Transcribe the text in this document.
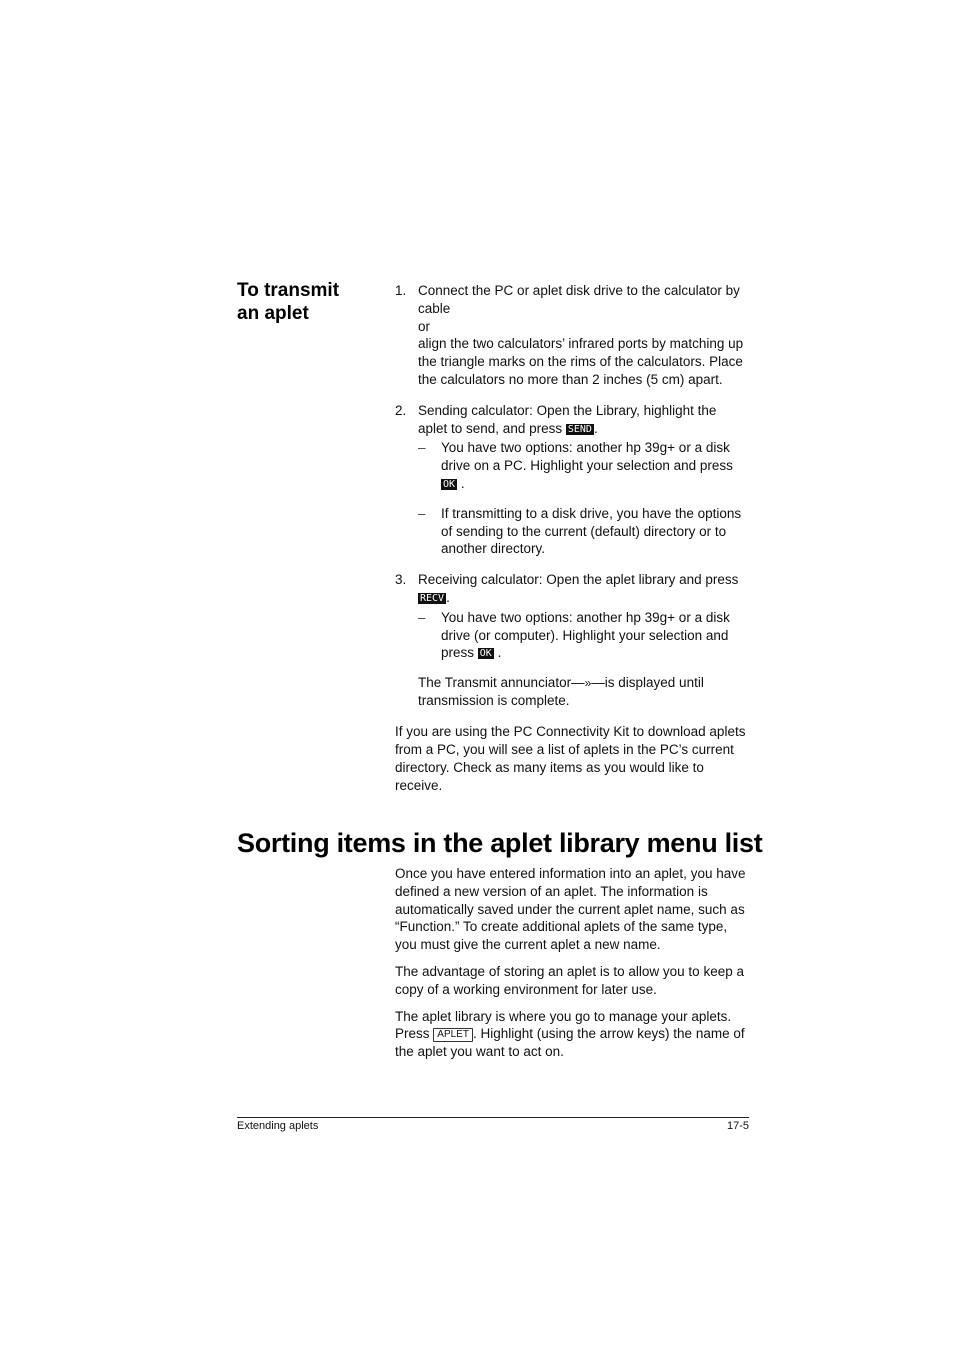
To transmit
an aplet
1. Connect the PC or aplet disk drive to the calculator by cable
or
align the two calculators’ infrared ports by matching up the triangle marks on the rims of the calculators. Place the calculators no more than 2 inches (5 cm) apart.
2. Sending calculator: Open the Library, highlight the aplet to send, and press SEND .
– You have two options: another hp 39g+ or a disk drive on a PC. Highlight your selection and press OK .
– If transmitting to a disk drive, you have the options of sending to the current (default) directory or to another directory.
3. Receiving calculator: Open the aplet library and press RECV .
– You have two options: another hp 39g+ or a disk drive (or computer). Highlight your selection and press OK .
The Transmit annunciator—»—is displayed until transmission is complete.

If you are using the PC Connectivity Kit to download aplets from a PC, you will see a list of aplets in the PC’s current directory. Check as many items as you would like to receive.

Sorting items in the aplet library menu list

Once you have entered information into an aplet, you have defined a new version of an aplet. The information is automatically saved under the current aplet name, such as “Function.” To create additional aplets of the same type, you must give the current aplet a new name.

The advantage of storing an aplet is to allow you to keep a copy of a working environment for later use.

The aplet library is where you go to manage your aplets. Press APLET . Highlight (using the arrow keys) the name of the aplet you want to act on.

Extending aplets	17-5
